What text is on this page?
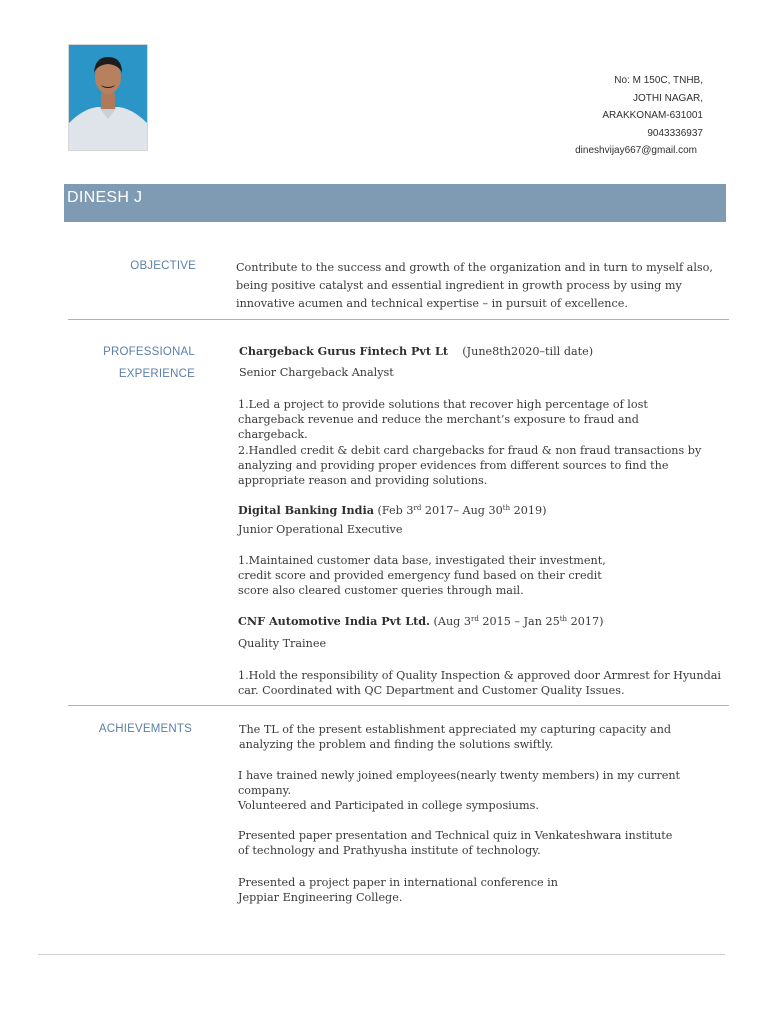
No: M 150C, TNHB,
JOTHI NAGAR,
ARAKKONAM-631001
9043336937
dineshvijay667@gmail.com
DINESH J
OBJECTIVE	Contribute to the success and growth of the organization and in turn to myself also, being positive catalyst and essential ingredient in growth process by using my innovative acumen and technical expertise – in pursuit of excellence.
PROFESSIONAL
EXPERIENCE
Chargeback Gurus Fintech Pvt Lt (June8th2020–till date)
Senior Chargeback Analyst
1.Led a project to provide solutions that recover high percentage of lost chargeback revenue and reduce the merchant’s exposure to fraud and chargeback.
2.Handled credit & debit card chargebacks for fraud & non fraud transactions by analyzing and providing proper evidences from different sources to find the appropriate reason and providing solutions.
Digital Banking India (Feb 3rd 2017– Aug 30th 2019)
Junior Operational Executive
1.Maintained customer data base, investigated their investment, credit score and provided emergency fund based on their credit score also cleared customer queries through mail.
CNF Automotive India Pvt Ltd. (Aug 3rd 2015 – Jan 25th 2017)
Quality Trainee
1.Hold the responsibility of Quality Inspection & approved door Armrest for Hyundai car. Coordinated with QC Department and Customer Quality Issues.
ACHIEVEMENTS	The TL of the present establishment appreciated my capturing capacity and analyzing the problem and finding the solutions swiftly.
I have trained newly joined employees(nearly twenty members) in my current company.
Volunteered and Participated in college symposiums.
Presented paper presentation and Technical quiz in Venkateshwara institute of technology and Prathyusha institute of technology.
Presented a project paper in international conference in Jeppiar Engineering College.
